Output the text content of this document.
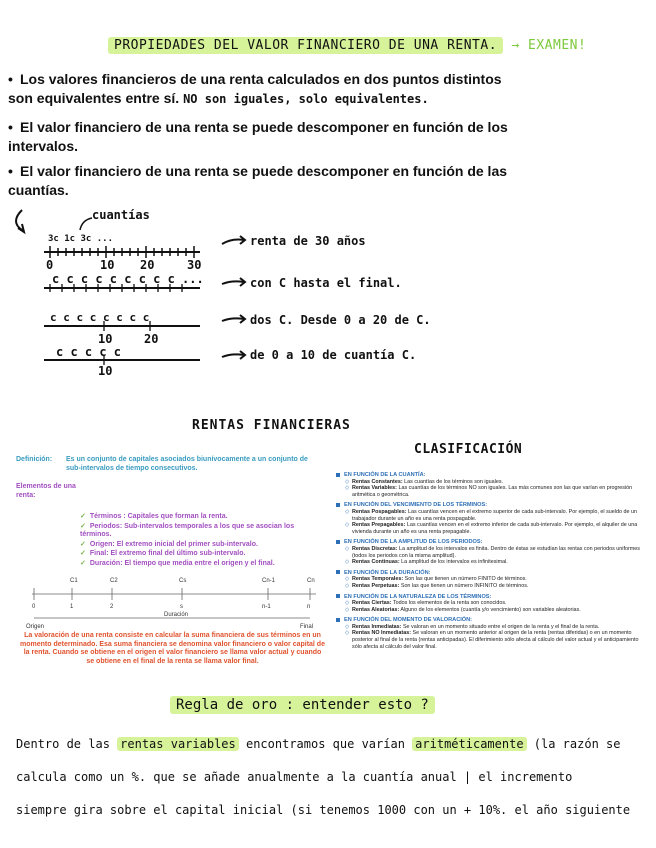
PROPIEDADES DEL VALOR FINANCIERO DE UNA RENTA. → EXAMEN!
• Los valores financieros de una renta calculados en dos puntos distintos son equivalentes entre sí. NO son iguales, solo equivalentes.
• El valor financiero de una renta se puede descomponer en función de los intervalos.
• El valor financiero de una renta se puede descomponer en función de las cuantías.
cuantías
3c 1c 3c ...
0	10 20	30
renta de 30 años
c c c c c c c c c ...	con C hasta el final.
c c c c c c c c
10	20
dos C. Desde 0 a 20 de C.
c c c c c
10
de 0 a 10 de cuantía C.
RENTAS FINANCIERAS
CLASIFICACIÓN
Definición: Es un conjunto de capitales asociados biunívocamente a un conjunto de sub-intervalos de tiempo consecutivos.
Elementos de una renta:
✓ Términos : Capitales que forman la renta.
✓ Periodos: Sub-intervalos temporales a los que se asocian los términos.
✓ Origen: El extremo inicial del primer sub-intervalo.
✓ Final: El extremo final del último sub-intervalo.
✓ Duración: El tiempo que media entre el origen y el final.
C1	C2	Cs	Cn-1	Cn
0	1	2	s	n-1	n
Duración
Origen	Final
La valoración de una renta consiste en calcular la suma financiera de sus términos en un momento determinado. Esa suma financiera se denomina valor financiero o valor capital de la renta. Cuando se obtiene en el origen el valor financiero se llama valor actual y cuando se obtiene en el final de la renta se llama valor final.
EN FUNCIÓN DE LA CUANTÍA:
◇ Rentas Constantes: Las cuantías de los términos son iguales.
◇ Rentas Variables: Las cuantías de los términos NO son iguales. Las más comunes son las que varían en progresión aritmética o geométrica.
EN FUNCIÓN DEL VENCIMIENTO DE LOS TÉRMINOS:
◇ Rentas Pospagables: Las cuantías vencen en el extremo superior de cada sub-intervalo. Por ejemplo, el sueldo de un trabajador durante un año es una renta pospagable.
◇ Rentas Prepagables: Las cuantías vencen en el extremo inferior de cada sub-intervalo. Por ejemplo, el alquiler de una vivienda durante un año es una renta prepagable.
EN FUNCIÓN DE LA AMPLITUD DE LOS PERIODOS:
◇ Rentas Discretas: La amplitud de los intervalos es finita. Dentro de éstas se estudian las rentas con periodos uniformes (todos los periodos con la misma amplitud).
◇ Rentas Continuas: La amplitud de los intervalos es infinitesimal.
EN FUNCIÓN DE LA DURACIÓN:
◇ Rentas Temporales: Son las que tienen un número FINITO de términos.
◇ Rentas Perpetuas: Son las que tienen un número INFINITO de términos.
EN FUNCIÓN DE LA NATURALEZA DE LOS TÉRMINOS:
◇ Rentas Ciertas: Todos los elementos de la renta son conocidos.
◇ Rentas Aleatorias: Alguno de los elementos (cuantía y/o vencimiento) son variables aleatorias.
EN FUNCIÓN DEL MOMENTO DE VALORACIÓN:
◇ Rentas Inmediatas: Se valoran en un momento situado entre el origen de la renta y el final de la renta.
◇ Rentas NO Inmediatas: Se valoran en un momento anterior al origen de la renta (rentas diferidas) o en un momento posterior al final de la renta (rentas anticipadas). El diferimiento sólo afecta al cálculo del valor actual y el anticipamiento sólo afecta al cálculo del valor final.
Regla de oro : entender esto ?
Dentro de las rentas variables encontramos que varían aritméticamente (la razón se
calcula como un %. que se añade anualmente a la cuantía anual | el incremento
siempre gira sobre el capital inicial (si tenemos 1000 con un + 10%. el año siguiente
